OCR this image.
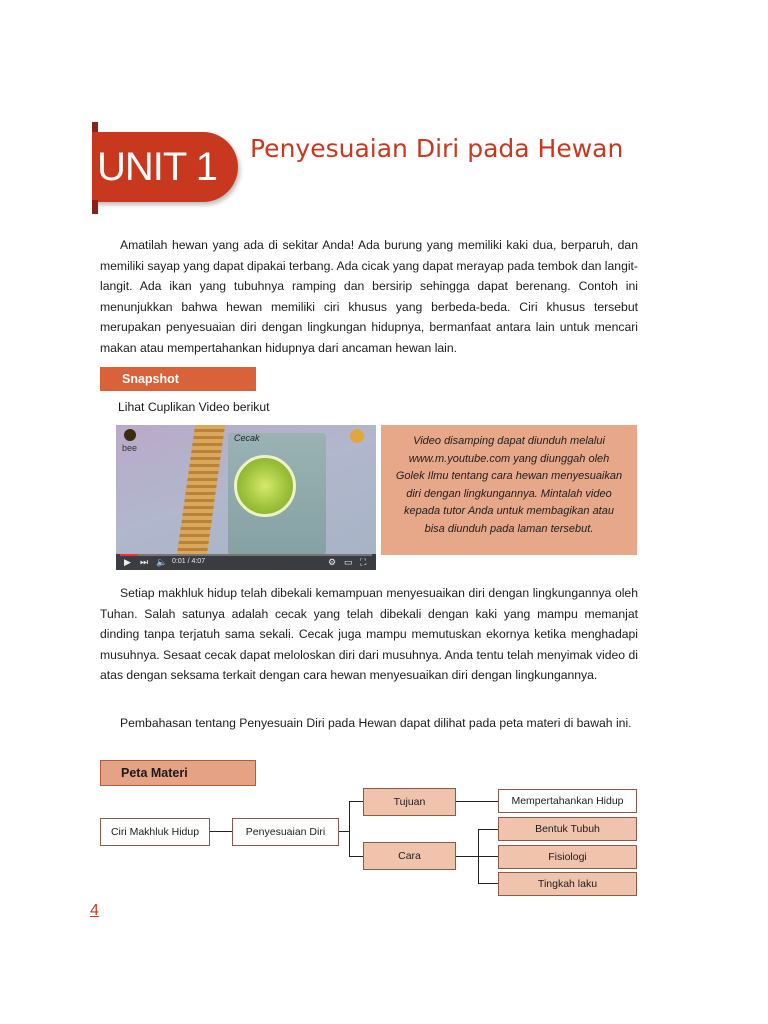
UNIT 1 Penyesuaian Diri pada Hewan
Amatilah hewan yang ada di sekitar Anda! Ada burung yang memiliki kaki dua, berparuh, dan memiliki sayap yang dapat dipakai terbang. Ada cicak yang dapat merayap pada tembok dan langit-langit. Ada ikan yang tubuhnya ramping dan bersirip sehingga dapat berenang. Contoh ini menunjukkan bahwa hewan memiliki ciri khusus yang berbeda-beda. Ciri khusus tersebut merupakan penyesuaian diri dengan lingkungan hidupnya, bermanfaat antara lain untuk mencari makan atau mempertahankan hidupnya dari ancaman hewan lain.
Snapshot
Lihat Cuplikan Video berikut
bee
Cecak
▶ ⏭ 🔈 0:01 / 4:07	⚙ ▭ ⛶
Video disamping dapat diunduh melalui www.m.youtube.com yang diunggah oleh Golek Ilmu tentang cara hewan menyesuaikan diri dengan lingkungannya. Mintalah video kepada tutor Anda untuk membagikan atau bisa diunduh pada laman tersebut.
Setiap makhluk hidup telah dibekali kemampuan menyesuaikan diri dengan lingkungannya oleh Tuhan. Salah satunya adalah cecak yang telah dibekali dengan kaki yang mampu memanjat dinding tanpa terjatuh sama sekali. Cecak juga mampu memutuskan ekornya ketika menghadapi musuhnya. Sesaat cecak dapat meloloskan diri dari musuhnya. Anda tentu telah menyimak video di atas dengan seksama terkait dengan cara hewan menyesuaikan diri dengan lingkungannya.
Pembahasan tentang Penyesuain Diri pada Hewan dapat dilihat pada peta materi di bawah ini.
Peta Materi
Ciri Makhluk Hidup	Penyesuaian Diri
Tujuan
Cara
Mempertahankan Hidup
Bentuk Tubuh
Fisiologi
Tingkah laku
4
